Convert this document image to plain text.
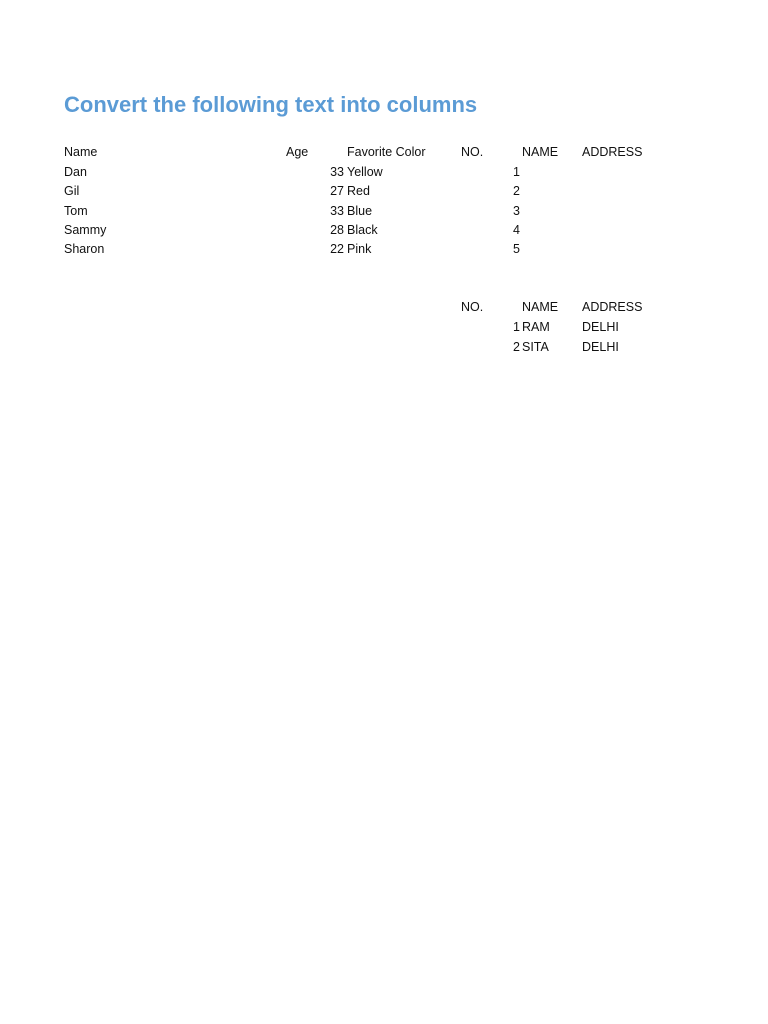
Convert the following text into columns
Name	Age	Favorite Color
Dan	33 Yellow
Gil	27 Red
Tom	33 Blue
Sammy	28 Black
Sharon	22 Pink
NO.	NAME ADDRESS
1
2
3
4
5
NO.	NAME ADDRESS
1 RAM	DELHI
2 SITA	DELHI
